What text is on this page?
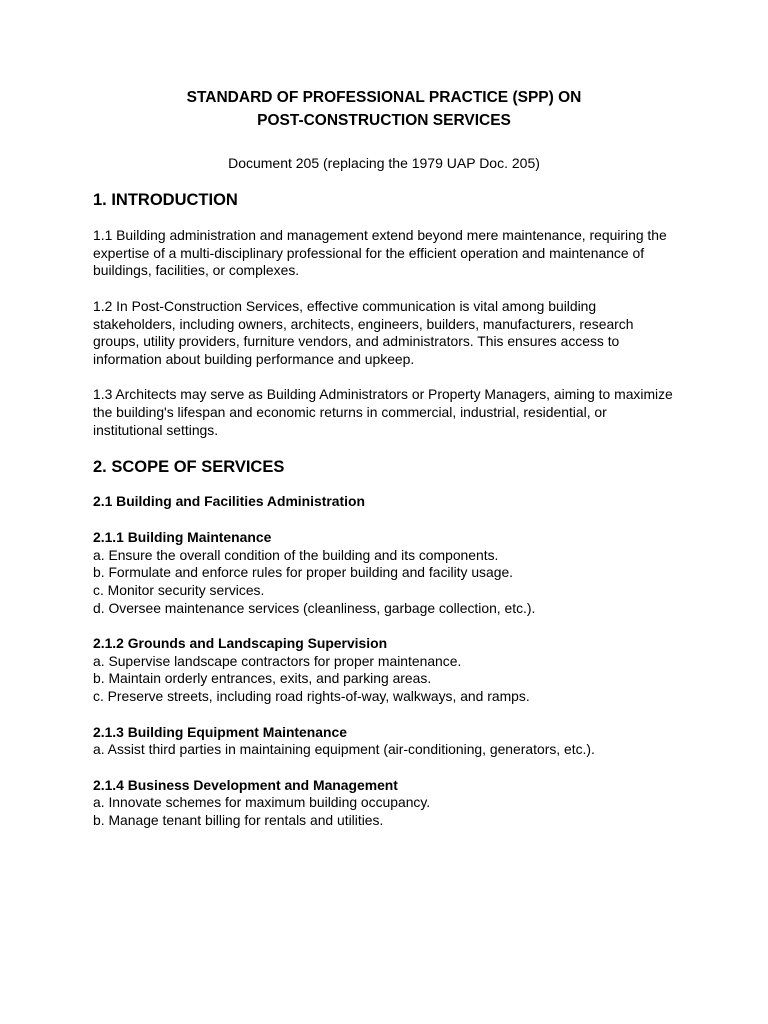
STANDARD OF PROFESSIONAL PRACTICE (SPP) ON
POST-CONSTRUCTION SERVICES

Document 205 (replacing the 1979 UAP Doc. 205)

1. INTRODUCTION

1.1 Building administration and management extend beyond mere maintenance, requiring the expertise of a multi-disciplinary professional for the efficient operation and maintenance of buildings, facilities, or complexes.

1.2 In Post-Construction Services, effective communication is vital among building stakeholders, including owners, architects, engineers, builders, manufacturers, research groups, utility providers, furniture vendors, and administrators. This ensures access to information about building performance and upkeep.

1.3 Architects may serve as Building Administrators or Property Managers, aiming to maximize the building's lifespan and economic returns in commercial, industrial, residential, or institutional settings.

2. SCOPE OF SERVICES
2.1 Building and Facilities Administration
2.1.1 Building Maintenance
a. Ensure the overall condition of the building and its components.
b. Formulate and enforce rules for proper building and facility usage.
c. Monitor security services.
d. Oversee maintenance services (cleanliness, garbage collection, etc.).
2.1.2 Grounds and Landscaping Supervision
a. Supervise landscape contractors for proper maintenance.
b. Maintain orderly entrances, exits, and parking areas.
c. Preserve streets, including road rights-of-way, walkways, and ramps.
2.1.3 Building Equipment Maintenance
a. Assist third parties in maintaining equipment (air-conditioning, generators, etc.).
2.1.4 Business Development and Management
a. Innovate schemes for maximum building occupancy.
b. Manage tenant billing for rentals and utilities.
